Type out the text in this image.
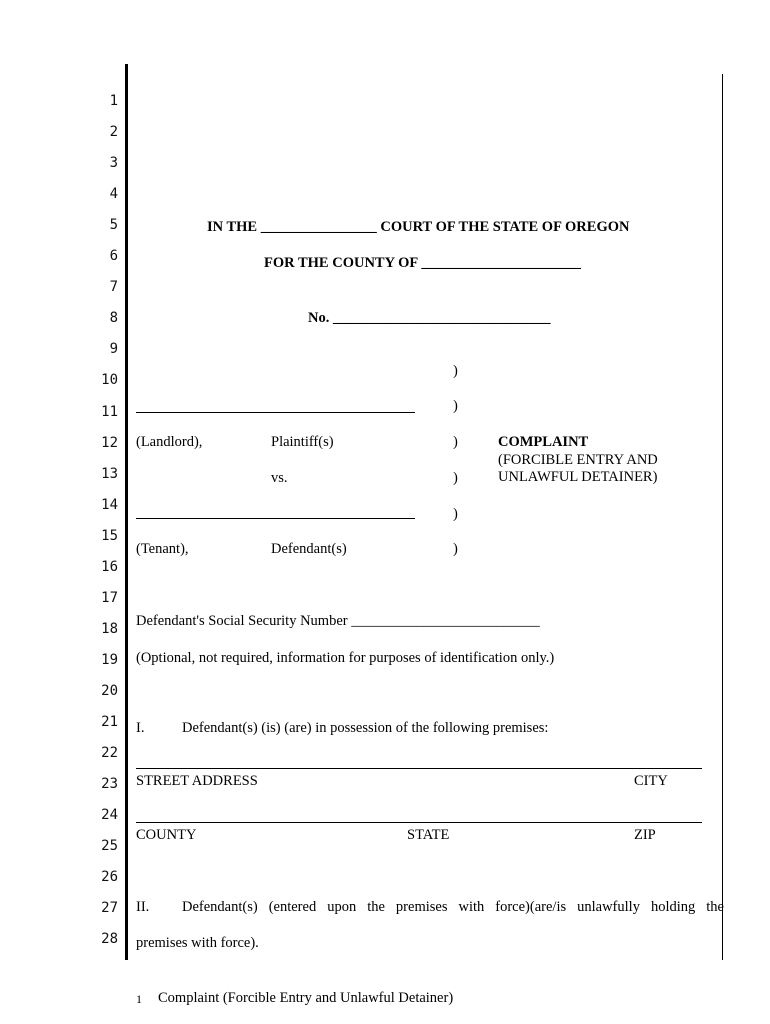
1
2
3
4
5
6
7
8
9
10
11
12
13
14
15
16
17
18
19
20
21
22
23
24
25
26
27
28
IN THE ________________ COURT OF THE STATE OF OREGON
FOR THE COUNTY OF ______________________
No. ______________________________
)
)
)
)
)
)
(Landlord),	Plaintiff(s)
vs.
(Tenant),	Defendant(s)
COMPLAINT
(FORCIBLE ENTRY AND
UNLAWFUL DETAINER)
Defendant's Social Security Number __________________________
(Optional, not required, information for purposes of identification only.)
I.	Defendant(s) (is) (are) in possession of the following premises:
STREET ADDRESS	CITY
COUNTY	STATE	ZIP
II. Defendant(s) (entered upon the premises with force)(are/is unlawfully holding the
premises with force).
1 Complaint (Forcible Entry and Unlawful Detainer)
